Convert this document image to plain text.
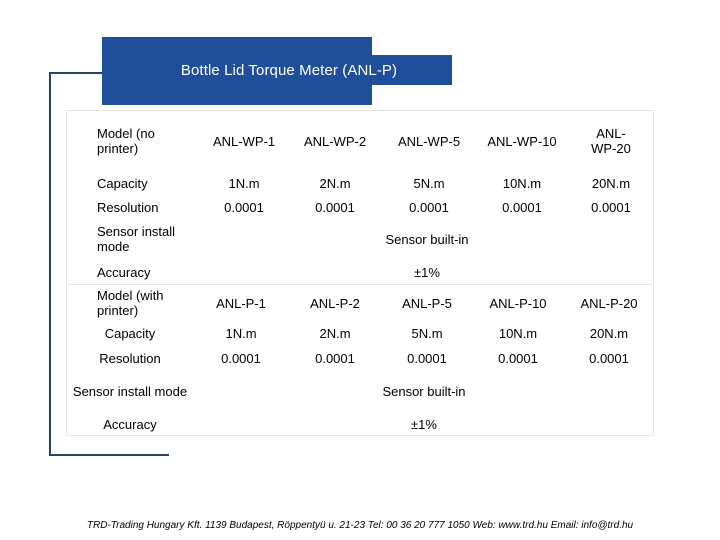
Bottle Lid Torque Meter (ANL-P)
Model (no printer)	ANL-WP-1	ANL-WP-2	ANL-WP-5	ANL-WP-10	ANL-WP-20
Capacity	1N.m	2N.m	5N.m	10N.m	20N.m
Resolution	0.0001	0.0001	0.0001	0.0001	0.0001
Sensor install mode	Sensor built-in				
Accuracy	±1%				
Model (with printer)	ANL-P-1	ANL-P-2	ANL-P-5	ANL-P-10	ANL-P-20
Capacity	1N.m	2N.m	5N.m	10N.m	20N.m
Resolution	0.0001	0.0001	0.0001	0.0001	0.0001
Sensor install mode	Sensor built-in				
Accuracy	±1%				
TRD-Trading Hungary Kft. 1139 Budapest, Röppentyü u. 21-23 Tel: 00 36 20 777 1050 Web: www.trd.hu Email: info@trd.hu
